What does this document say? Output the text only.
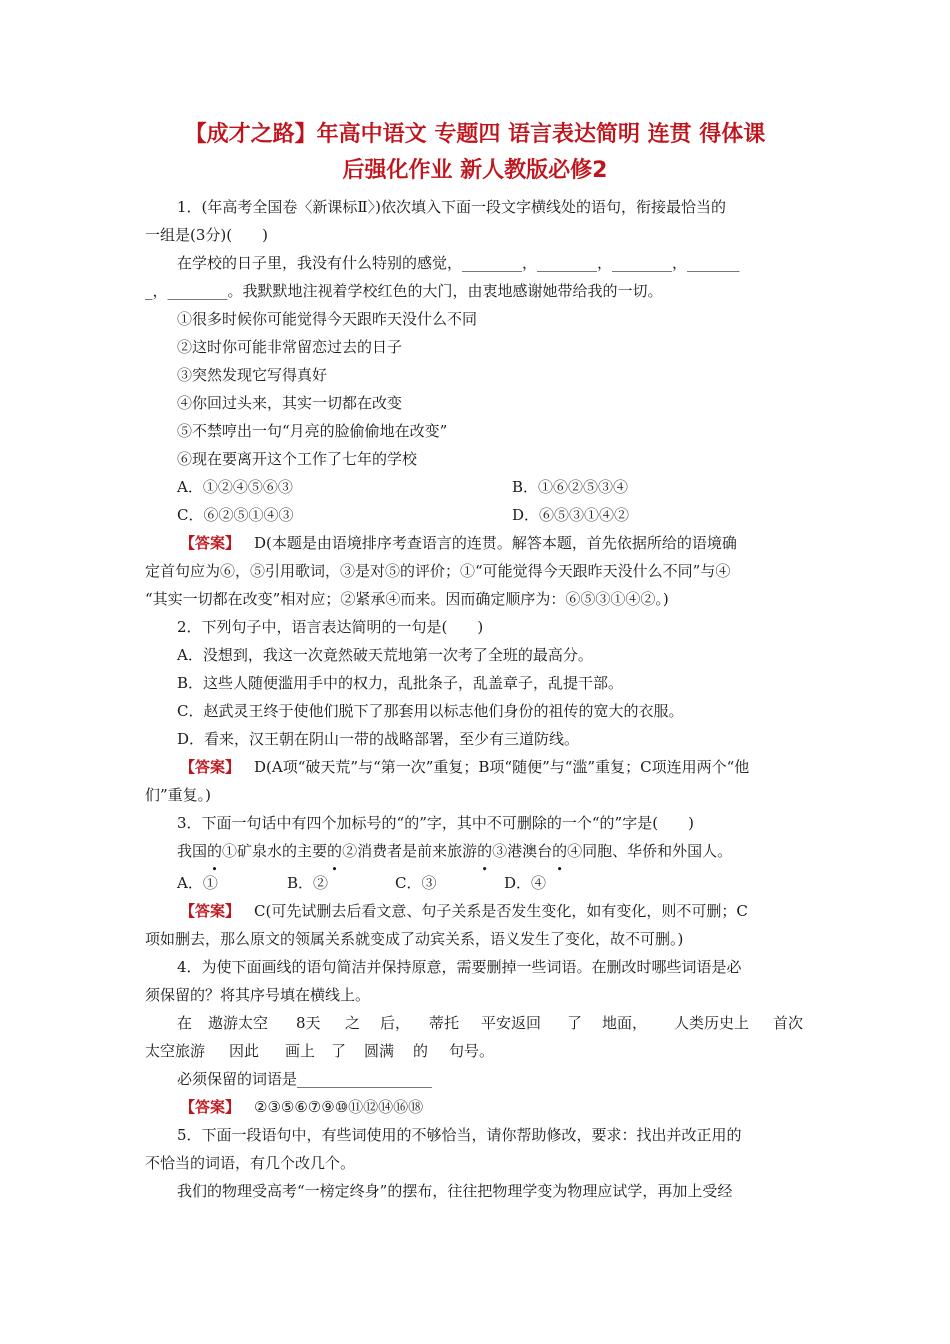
【成才之路】年高中语文 专题四 语言表达简明 连贯 得体课
后强化作业 新人教版必修2
1．(年高考全国卷〈新课标Ⅱ〉)依次填入下面一段文字横线处的语句，衔接最恰当的
一组是(3分)(　　)
在学校的日子里，我没有什么特别的感觉，________，________，________，_______
_，________。我默默地注视着学校红色的大门，由衷地感谢她带给我的一切。
①很多时候你可能觉得今天跟昨天没什么不同
②这时你可能非常留恋过去的日子
③突然发现它写得真好
④你回过头来，其实一切都在改变
⑤不禁哼出一句“月亮的脸偷偷地在改变”
⑥现在要离开这个工作了七年的学校
A．①②④⑤⑥③	B．①⑥②⑤③④
C．⑥②⑤①④③	D．⑥⑤③①④②
【答案】 D(本题是由语境排序考查语言的连贯。解答本题，首先依据所给的语境确
定首句应为⑥，⑤引用歌词，③是对⑤的评价；①“可能觉得今天跟昨天没什么不同”与④
“其实一切都在改变”相对应；②紧承④而来。因而确定顺序为：⑥⑤③①④②。)
2．下列句子中，语言表达简明的一句是(　　)
A．没想到，我这一次竟然破天荒地第一次考了全班的最高分。
B．这些人随便滥用手中的权力，乱批条子，乱盖章子，乱提干部。
C．赵武灵王终于使他们脱下了那套用以标志他们身份的祖传的宽大的衣服。
D．看来，汉王朝在阴山一带的战略部署，至少有三道防线。
【答案】 D(A项“破天荒”与“第一次”重复；B项“随便”与“滥”重复；C项连用两个“他
们”重复。)
3．下面一句话中有四个加标号的“的”字，其中不可删除的一个“的”字是(　　)
我国的①矿泉水的主要的②消费者是前来旅游的③港澳台的④同胞、华侨和外国人。
A．①	B．②	C．③	D．④
【答案】 C(可先试删去后看文意、句子关系是否发生变化，如有变化，则不可删；C
项如删去，那么原文的领属关系就变成了动宾关系，语义发生了变化，故不可删。)
4．为使下面画线的语句简洁并保持原意，需要删掉一些词语。在删改时哪些词语是必
须保留的？将其序号填在横线上。
在 遨游太空 8天 之 后， 蒂托 平安返回 了 地面， 人类历史上 首次
太空旅游 因此 画上 了 圆满 的 句号。
必须保留的词语是__________________
【答案】 ②③⑤⑥⑦⑨⑩⑪⑫⑭⑯⑱
5．下面一段语句中，有些词使用的不够恰当，请你帮助修改，要求：找出并改正用的
不恰当的词语，有几个改几个。
我们的物理受高考“一榜定终身”的摆布，往往把物理学变为物理应试学，再加上受经
